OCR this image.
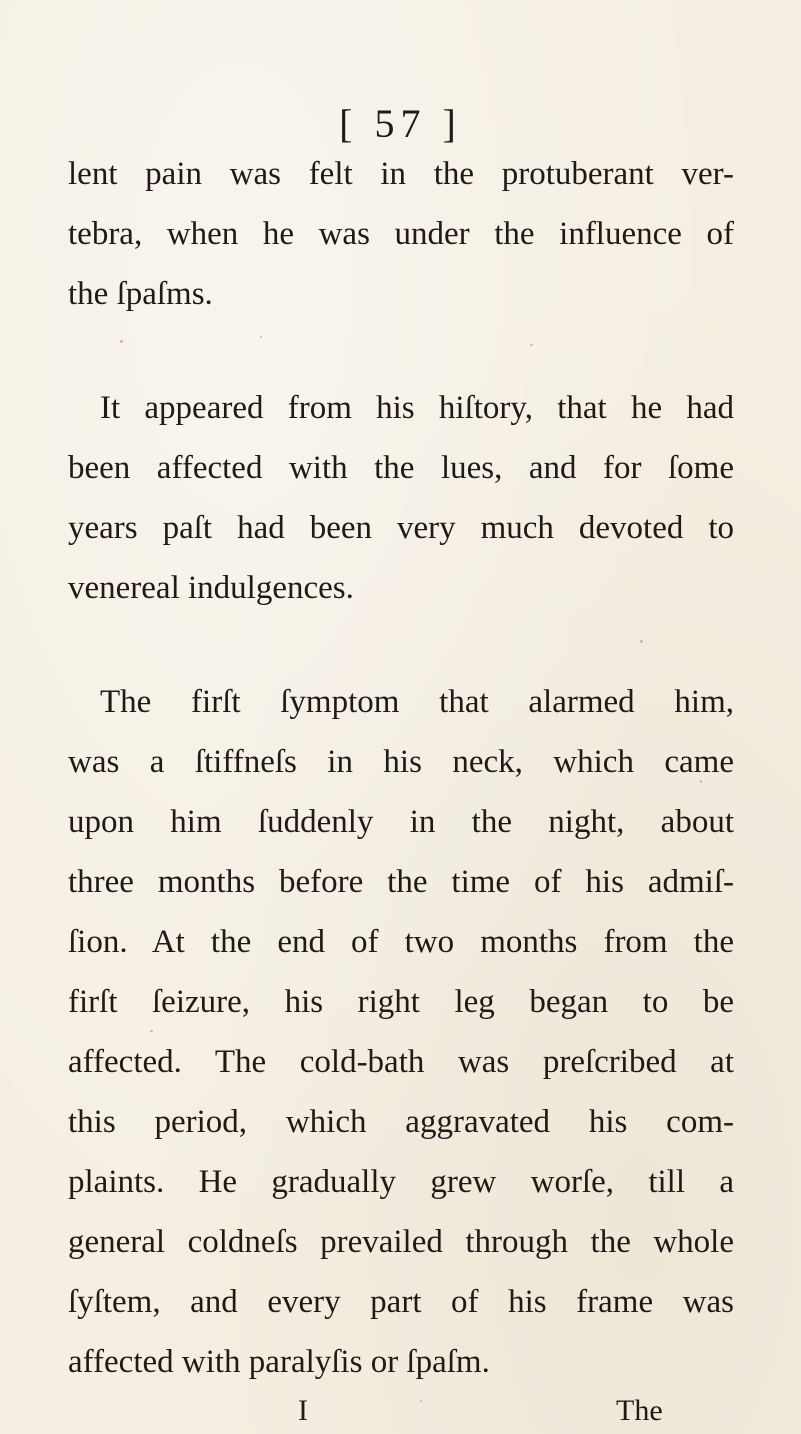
[ 57 ]
lent pain was felt in the protuberant ver-
tebra, when he was under the influence of
the ſpaſms.
It appeared from his hiſtory, that he had
been affected with the lues, and for ſome
years paſt had been very much devoted to
venereal indulgences.
The firſt ſymptom that alarmed him,
was a ſtiffneſs in his neck, which came
upon him ſuddenly in the night, about
three months before the time of his admiſ-
ſion. At the end of two months from the
firſt ſeizure, his right leg began to be
affected. The cold-bath was preſcribed at
this period, which aggravated his com-
plaints. He gradually grew worſe, till a
general coldneſs prevailed through the whole
ſyſtem, and every part of his frame was
affected with paralyſis or ſpaſm.
I	The
